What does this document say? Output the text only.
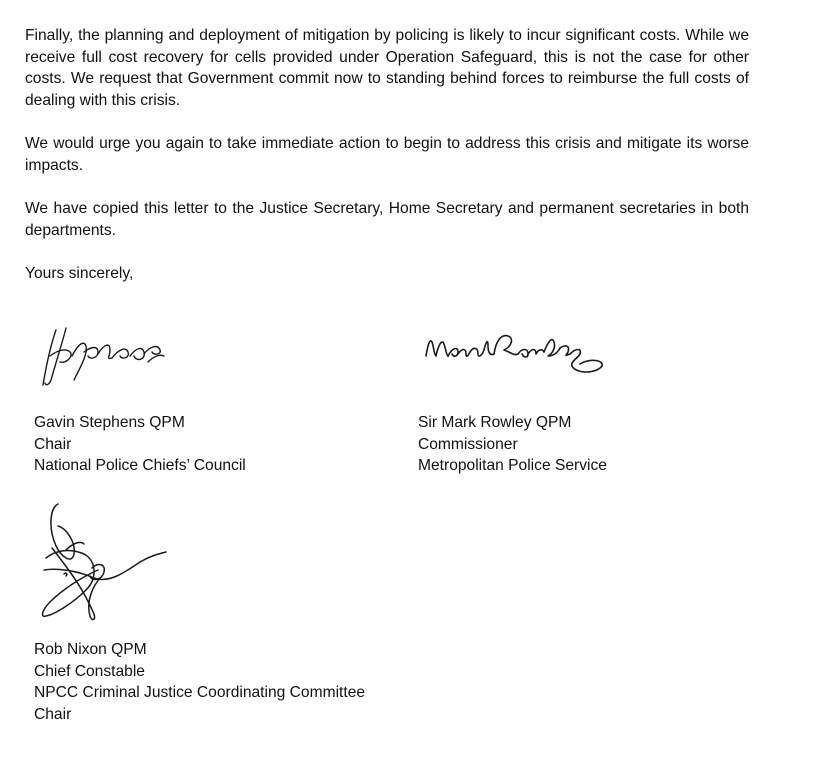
Finally, the planning and deployment of mitigation by policing is likely to incur significant costs. While we receive full cost recovery for cells provided under Operation Safeguard, this is not the case for other costs. We request that Government commit now to standing behind forces to reimburse the full costs of dealing with this crisis.

We would urge you again to take immediate action to begin to address this crisis and mitigate its worse impacts.

We have copied this letter to the Justice Secretary, Home Secretary and permanent secretaries in both departments.

Yours sincerely,

Gavin Stephens QPM
Chair
National Police Chiefs’ Council
Sir Mark Rowley QPM
Commissioner
Metropolitan Police Service
Rob Nixon QPM
Chief Constable
NPCC Criminal Justice Coordinating Committee
Chair
